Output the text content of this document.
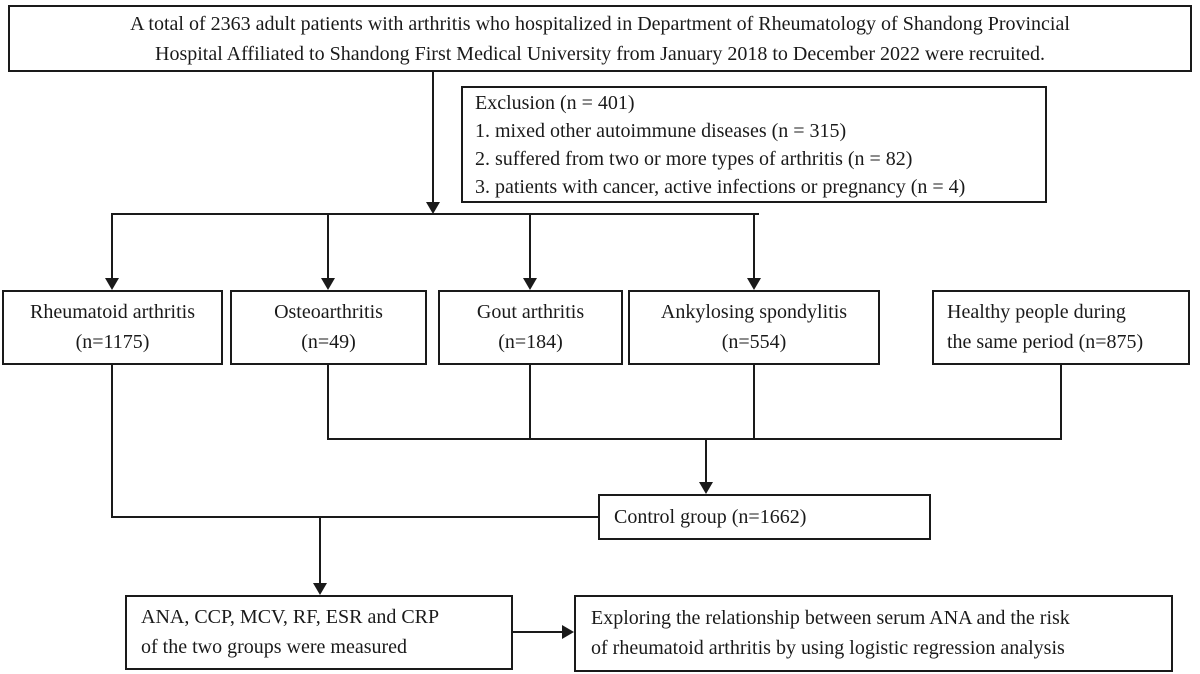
A total of 2363 adult patients with arthritis who hospitalized in Department of Rheumatology of Shandong Provincial
Hospital Affiliated to Shandong First Medical University from January 2018 to December 2022 were recruited.
Exclusion (n = 401)
1. mixed other autoimmune diseases (n = 315)
2. suffered from two or more types of arthritis (n = 82)
3. patients with cancer, active infections or pregnancy (n = 4)
Rheumatoid arthritis
(n=1175)
Osteoarthritis
(n=49)
Gout arthritis
(n=184)
Ankylosing spondylitis
(n=554)
Healthy people during
the same period (n=875)
Control group (n=1662)
ANA, CCP, MCV, RF, ESR and CRP
of the two groups were measured
Exploring the relationship between serum ANA and the risk
of rheumatoid arthritis by using logistic regression analysis
